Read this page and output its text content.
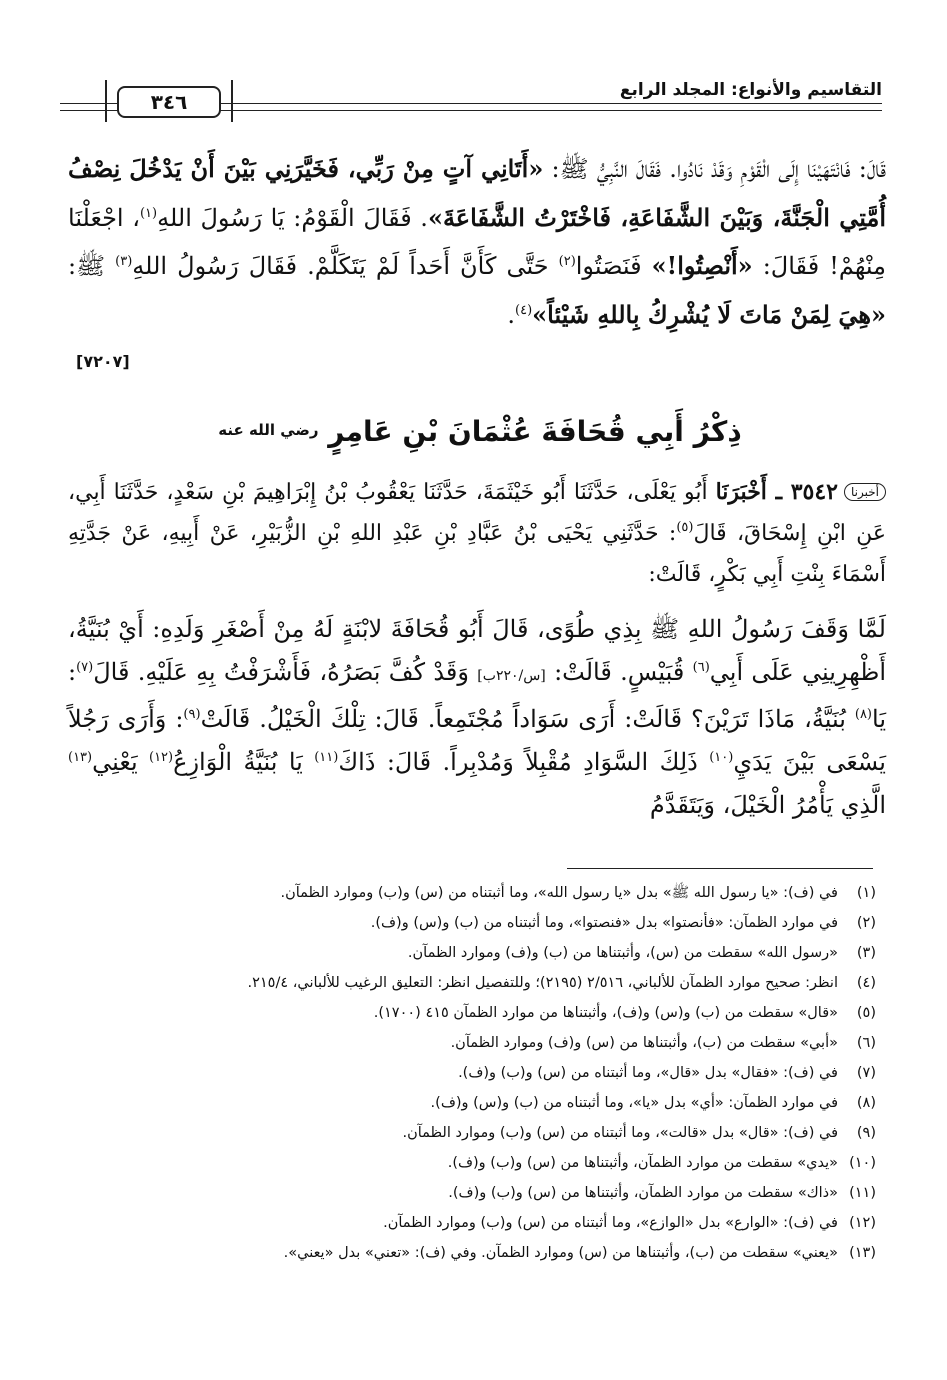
٣٤٦	التقاسيم والأنواع: المجلد الرابع
قَالَ: فَانْتَهَيْنَا إِلَى الْقَوْمِ وَقَدْ نَادُوا. فَقَالَ النَّبِيُّ ﷺ: «أَتَانِي آتٍ مِنْ رَبِّي، فَخَيَّرَنِي بَيْنَ أَنْ يَدْخُلَ نِصْفُ أُمَّتِي الْجَنَّةَ، وَبَيْنَ الشَّفَاعَةِ، فَاخْتَرْتُ الشَّفَاعَةَ». فَقَالَ الْقَوْمُ: يَا رَسُولَ اللهِ$^{(١)}$، اجْعَلْنَا مِنْهُمْ! فَقَالَ: «أَنْصِتُوا!» فَنَصَتُوا$^{(٢)}$ حَتَّى كَأَنَّ أَحَداً لَمْ يَتَكَلَّمْ. فَقَالَ رَسُولُ اللهِ$^{(٣)}$ ﷺ: «هِيَ لِمَنْ مَاتَ لَا يُشْرِكُ بِاللهِ شَيْئاً»$^{(٤)}$.
[٧٢٠٧]
ذِكْرُ أَبِي قُحَافَةَ عُثْمَانَ بْنِ عَامِرٍ $^{رضي الله عنه}$
أخبرنا٣٥٤٢ ـ أَخْبَرَنَا أَبُو يَعْلَى، حَدَّثَنَا أَبُو خَيْثَمَةَ، حَدَّثَنَا يَعْقُوبُ بْنُ إِبْرَاهِيمَ بْنِ سَعْدٍ، حَدَّثَنَا أَبِي، عَنِ ابْنِ إِسْحَاقَ، قَالَ$^{(٥)}$: حَدَّثَنِي يَحْيَى بْنُ عَبَّادِ بْنِ عَبْدِ اللهِ بْنِ الزُّبَيْرِ، عَنْ أَبِيهِ، عَنْ جَدَّتِهِ أَسْمَاءَ بِنْتِ أَبِي بَكْرٍ، قَالَتْ:
لَمَّا وَقَفَ رَسُولُ اللهِ ﷺ بِذِي طُوًى، قَالَ أَبُو قُحَافَةَ لابْنَةٍ لَهُ مِنْ أَصْغَرِ وَلَدِهِ: أَيْ بُنَيَّةُ، أَظْهِرِينِي عَلَى أَبِي$^{(٦)}$ قُبَيْسٍ. قَالَتْ: [س/٢٢٠ب] وَقَدْ كُفَّ بَصَرُهُ، فَأَشْرَفْتُ بِهِ عَلَيْهِ. قَالَ$^{(٧)}$: يَا$^{(٨)}$ بُنَيَّةُ، مَاذَا تَرَيْنَ؟ قَالَتْ: أَرَى سَوَاداً مُجْتَمِعاً. قَالَ: تِلْكَ الْخَيْلُ. قَالَتْ$^{(٩)}$: وَأَرَى رَجُلاً يَسْعَى بَيْنَ يَدَيِ$^{(١٠)}$ ذَلِكَ السَّوَادِ مُقْبِلاً وَمُدْبِراً. قَالَ: ذَاكَ$^{(١١)}$ يَا بُنَيَّةُ الْوَازِعُ$^{(١٢)}$ يَعْنِي$^{(١٣)}$ الَّذِي يَأْمُرُ الْخَيْلَ، وَيَتَقَدَّمُ
(١)في (ف): «يا رسول الله ﷺ» بدل «يا رسول الله»، وما أثبتناه من (س) و(ب) وموارد الظمآن.
(٢)في موارد الظمآن: «فأنصتوا» بدل «فنصتوا»، وما أثبتناه من (ب) و(س) و(ف).
(٣)«رسول الله» سقطت من (س)، وأثبتناها من (ب) و(ف) وموارد الظمآن.
(٤)انظر: صحيح موارد الظمآن للألباني، ٢/٥١٦ (٢١٩٥)؛ وللتفصيل انظر: التعليق الرغيب للألباني، ٢١٥/٤.
(٥)«قال» سقطت من (ب) و(س) و(ف)، وأثبتناها من موارد الظمآن ٤١٥ (١٧٠٠).
(٦)«أبي» سقطت من (ب)، وأثبتناها من (س) و(ف) وموارد الظمآن.
(٧)في (ف): «فقال» بدل «قال»، وما أثبتناه من (س) و(ب) و(ف).
(٨)في موارد الظمآن: «أي» بدل «يا»، وما أثبتناه من (ب) و(س) و(ف).
(٩)في (ف): «قال» بدل «قالت»، وما أثبتناه من (س) و(ب) وموارد الظمآن.
(١٠)«يدي» سقطت من موارد الظمآن، وأثبتناها من (س) و(ب) و(ف).
(١١)«ذاك» سقطت من موارد الظمآن، وأثبتناها من (س) و(ب) و(ف).
(١٢)في (ف): «الوارع» بدل «الوازع»، وما أثبتناه من (س) و(ب) وموارد الظمآن.
(١٣)«يعني» سقطت من (ب)، وأثبتناها من (س) وموارد الظمآن. وفي (ف): «تعني» بدل «يعني».
